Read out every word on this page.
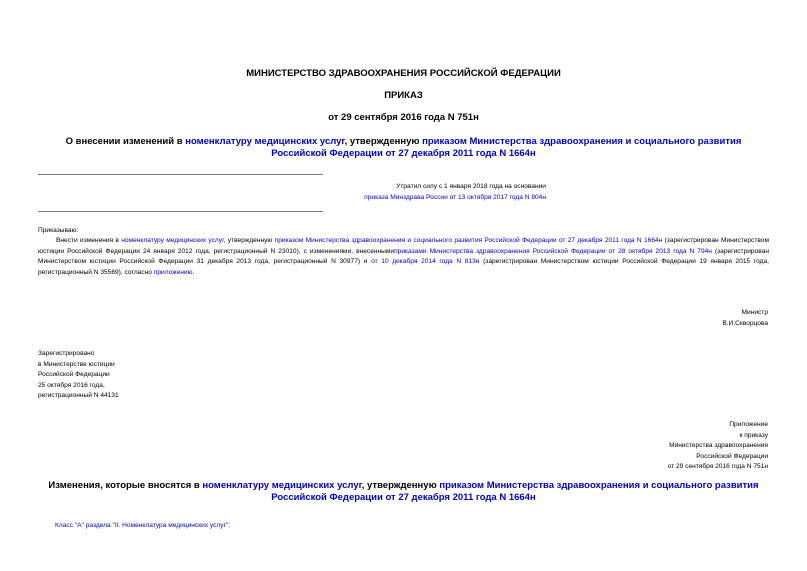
МИНИСТЕРСТВО ЗДРАВООХРАНЕНИЯ РОССИЙСКОЙ ФЕДЕРАЦИИ
ПРИКАЗ
от 29 сентября 2016 года N 751н
О внесении изменений в номенклатуру медицинских услуг, утвержденную приказом Министерства здравоохранения и социального развития Российской Федерации от 27 декабря 2011 года N 1664н
Утратил силу с 1 января 2018 года на основании
приказа Минздрава России от 13 октября 2017 года N 804н
Приказываю:
Внести изменения в номенклатуру медицинских услуг, утвержденную приказом Министерства здравоохранения и социального развития Российской Федерации от 27 декабря 2011 года N 1664н (зарегистрирован Министерством юстиции Российской Федерации 24 января 2012 года, регистрационный N 23010), с изменениями, внесеннымиприказами Министерства здравоохранения Российской Федерации от 28 октября 2013 года N 794н (зарегистрирован Министерством юстиции Российской Федерации 31 декабря 2013 года, регистрационный N 30977) и от 10 декабря 2014 года N 813н (зарегистрирован Министерством юстиции Российской Федерации 19 января 2015 года, регистрационный N 35569), согласно приложению.
Министр
В.И.Скворцова
Зарегистрировано
в Министерстве юстиции
Российской Федерации
25 октября 2016 года,
регистрационный N 44131
Приложение
к приказу
Министерства здравоохранения
Российской Федерации
от 29 сентября 2016 года N 751н
Изменения, которые вносятся в номенклатуру медицинских услуг, утвержденную приказом Министерства здравоохранения и социального развития Российской Федерации от 27 декабря 2011 года N 1664н
Класс "А" раздела "II. Номенклатура медицинских услуг":
